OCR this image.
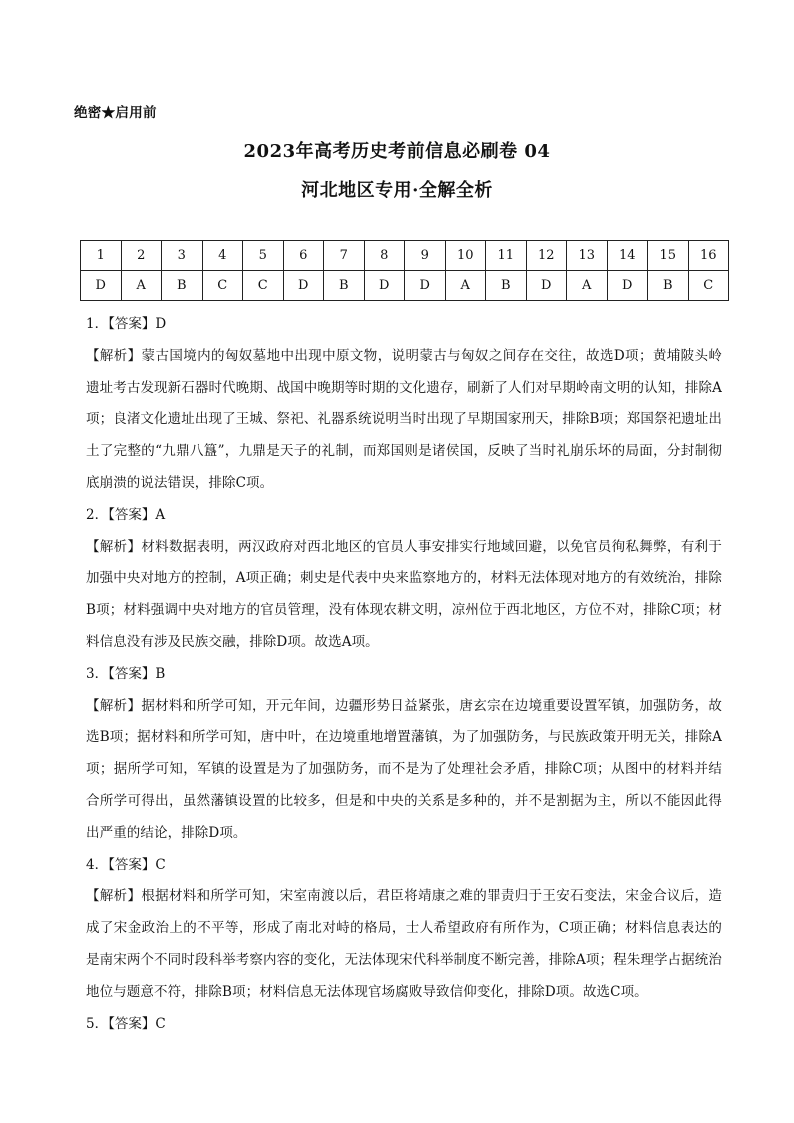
绝密★启用前
2023年高考历史考前信息必刷卷 04
河北地区专用·全解全析
1	2	3	4	5	6	7	8	9	10	11	12	13	14	15	16
D	A	B	C	C	D	B	D	D	A	B	D	A	D	B	C

1．【答案】D

【解析】蒙古国境内的匈奴墓地中出现中原文物，说明蒙古与匈奴之间存在交往，故选D项；黄埔陂头岭遗址考古发现新石器时代晚期、战国中晚期等时期的文化遗存，刷新了人们对早期岭南文明的认知，排除A项；良渚文化遗址出现了王城、祭祀、礼器系统说明当时出现了早期国家刑天，排除B项；郑国祭祀遗址出土了完整的“九鼎八簋”，九鼎是天子的礼制，而郑国则是诸侯国，反映了当时礼崩乐坏的局面，分封制彻底崩溃的说法错误，排除C项。

2．【答案】A

【解析】材料数据表明，两汉政府对西北地区的官员人事安排实行地域回避，以免官员徇私舞弊，有利于加强中央对地方的控制，A项正确；刺史是代表中央来监察地方的，材料无法体现对地方的有效统治，排除B项；材料强调中央对地方的官员管理，没有体现农耕文明，凉州位于西北地区，方位不对，排除C项；材料信息没有涉及民族交融，排除D项。故选A项。

3．【答案】B

【解析】据材料和所学可知，开元年间，边疆形势日益紧张，唐玄宗在边境重要设置军镇，加强防务，故选B项；据材料和所学可知，唐中叶，在边境重地增置藩镇，为了加强防务，与民族政策开明无关，排除A项；据所学可知，军镇的设置是为了加强防务，而不是为了处理社会矛盾，排除C项；从图中的材料并结合所学可得出，虽然藩镇设置的比较多，但是和中央的关系是多种的，并不是割据为主，所以不能因此得出严重的结论，排除D项。

4．【答案】C

【解析】根据材料和所学可知，宋室南渡以后，君臣将靖康之难的罪责归于王安石变法，宋金合议后，造成了宋金政治上的不平等，形成了南北对峙的格局，士人希望政府有所作为，C项正确；材料信息表达的是南宋两个不同时段科举考察内容的变化，无法体现宋代科举制度不断完善，排除A项；程朱理学占据统治地位与题意不符，排除B项；材料信息无法体现官场腐败导致信仰变化，排除D项。故选C项。

5．【答案】C
